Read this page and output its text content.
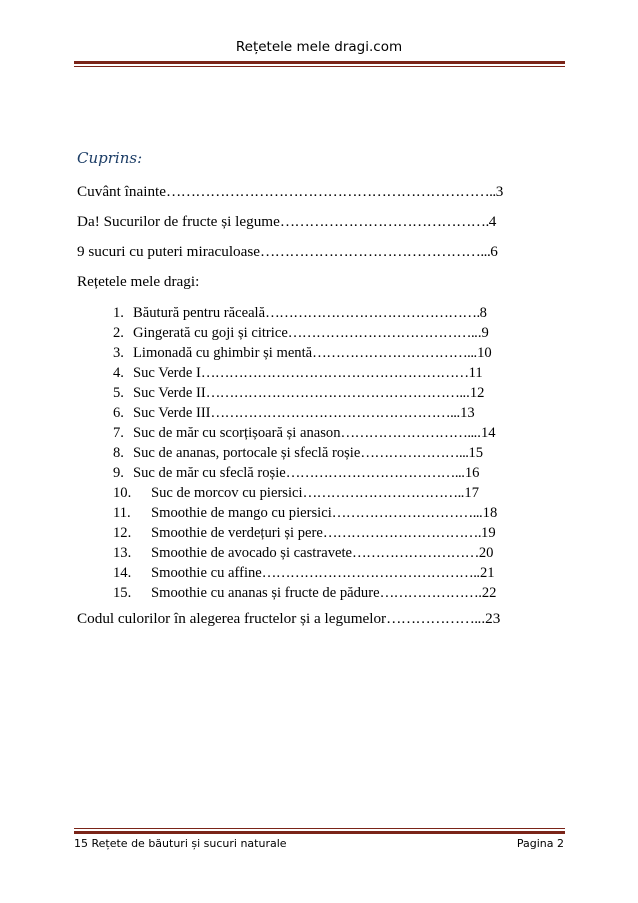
Rețetele mele dragi.com
Cuprins:
Cuvânt înainte…………………………………………………………..3
Da! Sucurilor de fructe și legume…………………………………….4
9 sucuri cu puteri miraculoase………………………………………...6
Rețetele mele dragi:
1. Băutură pentru răceală……………………………………….8
2. Gingerată cu goji și citrice…………………………………...9
3. Limonadă cu ghimbir și mentă……………………………...10
4. Suc Verde I…………………………………………………11
5. Suc Verde II………………………………………………...12
6. Suc Verde III……………………………………………...13
7. Suc de măr cu scorțișoară și anason………………………....14
8. Suc de ananas, portocale și sfeclă roșie…………………...15
9. Suc de măr cu sfeclă roșie………………………………...16
10. Suc de morcov cu piersici……………………………..17
11. Smoothie de mango cu piersici…………………………...18
12. Smoothie de verdețuri și pere…………………………….19
13. Smoothie de avocado și castravete………………………20
14. Smoothie cu affine………………………………………..21
15. Smoothie cu ananas și fructe de pădure………………….22
Codul culorilor în alegerea fructelor și a legumelor………………...23
15 Rețete de băuturi și sucuri naturale	Pagina 2
